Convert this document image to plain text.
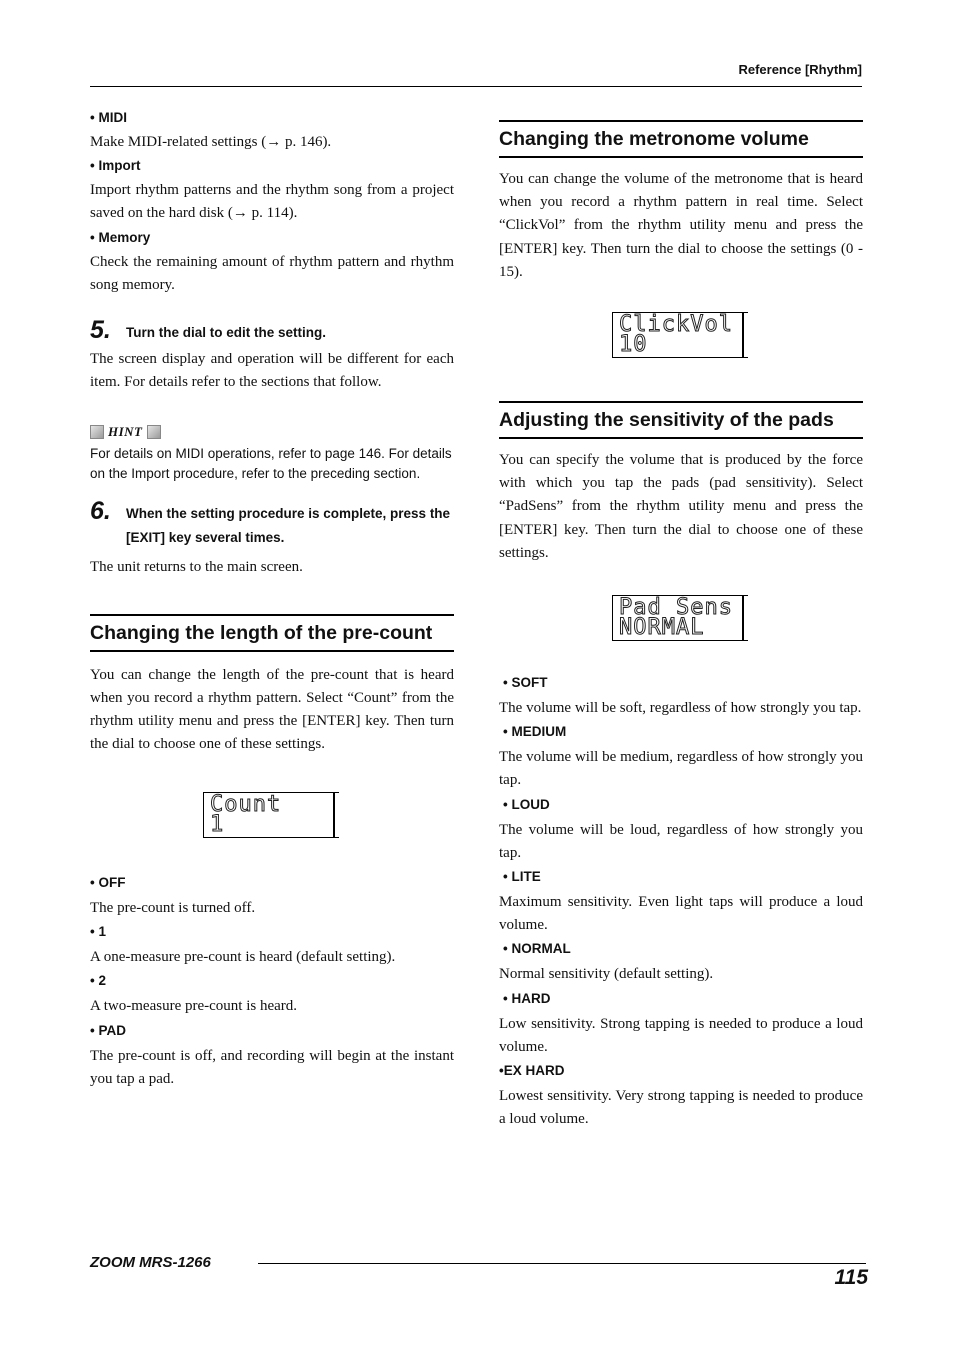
Reference [Rhythm]
• MIDI

Make MIDI-related settings (→ p. 146).

• Import

Import rhythm patterns and the rhythm song from a project saved on the hard disk (→ p. 114).

• Memory

Check the remaining amount of rhythm pattern and rhythm song memory.

5. Turn the dial to edit the setting.

The screen display and operation will be different for each item. For details refer to the sections that follow.

HINT

For details on MIDI operations, refer to page 146. For details on the Import procedure, refer to the preceding section.

6. When the setting procedure is complete, press the [EXIT] key several times.

The unit returns to the main screen.

Changing the length of the pre-count

You can change the length of the pre-count that is heard when you record a rhythm pattern. Select “Count” from the rhythm utility menu and press the [ENTER] key. Then turn the dial to choose one of these settings.

Count
1
• OFF

The pre-count is turned off.

• 1

A one-measure pre-count is heard (default setting).

• 2

A two-measure pre-count is heard.

• PAD

The pre-count is off, and recording will begin at the instant you tap a pad.

Changing the metronome volume

You can change the volume of the metronome that is heard when you record a rhythm pattern in real time. Select “ClickVol” from the rhythm utility menu and press the [ENTER] key. Then turn the dial to choose the settings (0 - 15).

ClickVol
10
Adjusting the sensitivity of the pads

You can specify the volume that is produced by the force with which you tap the pads (pad sensitivity). Select “PadSens” from the rhythm utility menu and press the [ENTER] key. Then turn the dial to choose one of these settings.

Pad Sens
NORMAL
• SOFT

The volume will be soft, regardless of how strongly you tap.

• MEDIUM

The volume will be medium, regardless of how strongly you tap.

• LOUD

The volume will be loud, regardless of how strongly you tap.

• LITE

Maximum sensitivity. Even light taps will produce a loud volume.

• NORMAL

Normal sensitivity (default setting).

• HARD

Low sensitivity. Strong tapping is needed to produce a loud volume.

•EX HARD

Lowest sensitivity. Very strong tapping is needed to produce a loud volume.

ZOOM MRS-1266
115
